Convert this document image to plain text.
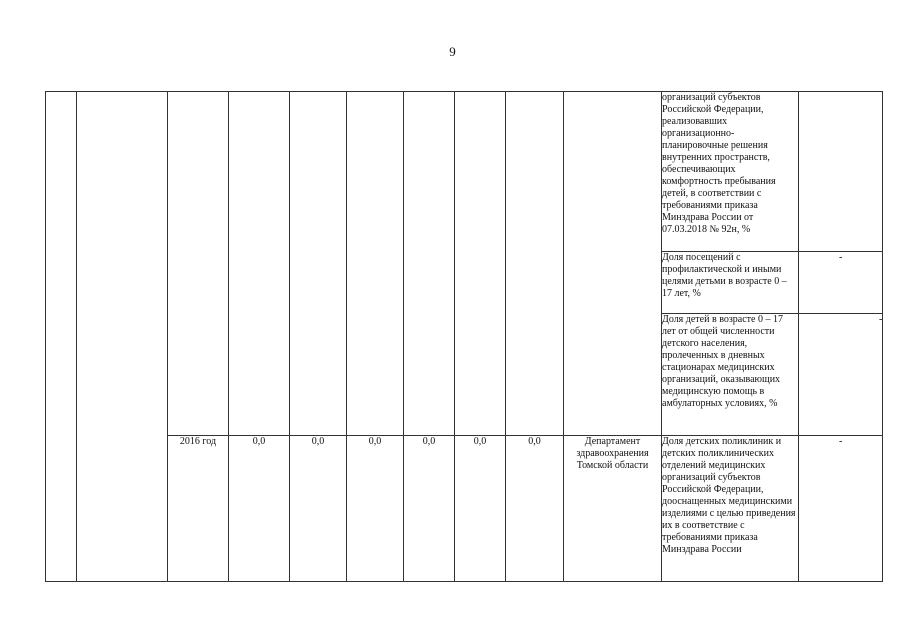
9
										организаций субъектов Российской Федерации, реализовавших организационно-планировочные решения внутренних пространств, обеспечивающих комфортность пребывания детей, в соответствии с требованиями приказа Минздрава России от 07.03.2018 № 92н, %	
										Доля посещений с профилактической и иными целями детьми в возрасте 0 – 17 лет, %	-
										Доля детей в возрасте 0 – 17 лет от общей численности детского населения, пролеченных в дневных стационарах медицинских организаций, оказывающих медицинскую помощь в амбулаторных условиях, %	-
		2016 год	0,0	0,0	0,0	0,0	0,0	0,0	Департамент здравоохранения Томской области	Доля детских поликлиник и детских поликлинических отделений медицинских организаций субъектов Российской Федерации, дооснащенных медицинскими изделиями с целью приведения их в соответствие с требованиями приказа Минздрава России	-
